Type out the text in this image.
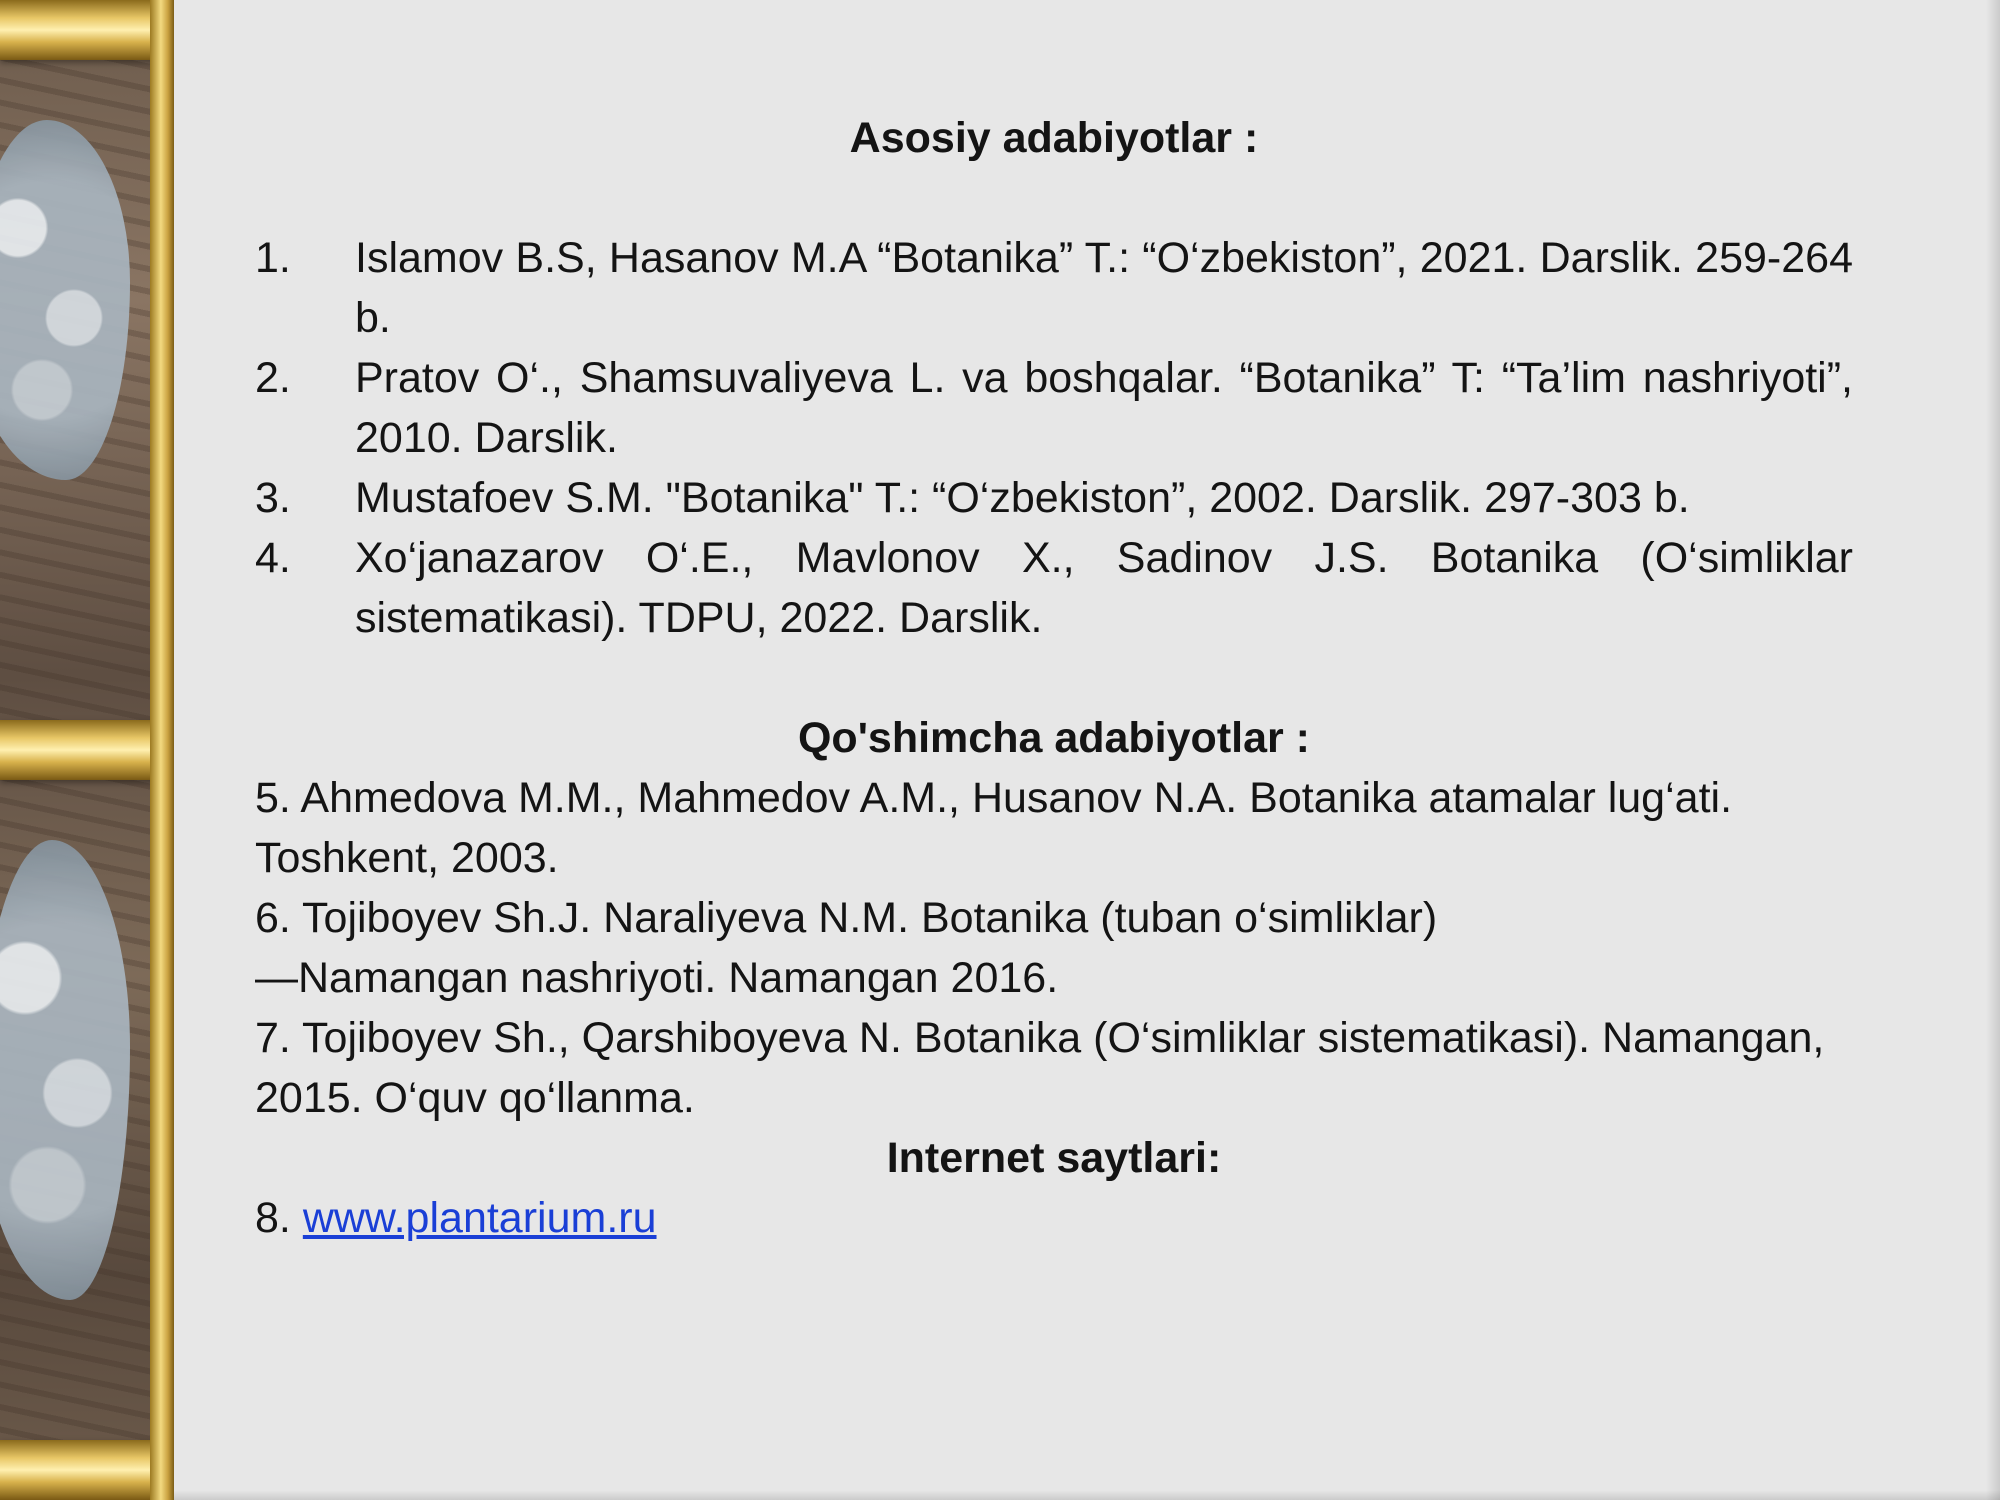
Asosiy adabiyotlar :

1. Islamov B.S, Hasanov M.A “Botanika” T.: “O‘zbekiston”, 2021. Darslik. 259-264 b.
2. Pratov O‘., Shamsuvaliyeva L. va boshqalar. “Botanika” T: “Ta’lim nashriyoti”, 2010. Darslik.
3. Mustafoev S.M. "Botanika" T.: “O‘zbekiston”, 2002. Darslik. 297-303 b.
4. Xo‘janazarov O‘.E., Mavlonov X., Sadinov J.S. Botanika (O‘simliklar sistematikasi). TDPU, 2022. Darslik.

Qo'shimcha adabiyotlar :

5. Ahmedova M.M., Mahmedov A.M., Husanov N.A. Botanika atamalar lug‘ati. Toshkent, 2003.

6. Tojiboyev Sh.J. Naraliyeva N.M. Botanika (tuban o‘simliklar)

—Namangan nashriyoti. Namangan 2016.

7. Tojiboyev Sh., Qarshiboyeva N. Botanika (O‘simliklar sistematikasi). Namangan, 2015. O‘quv qo‘llanma.

Internet saytlari:

8. www.plantarium.ru
